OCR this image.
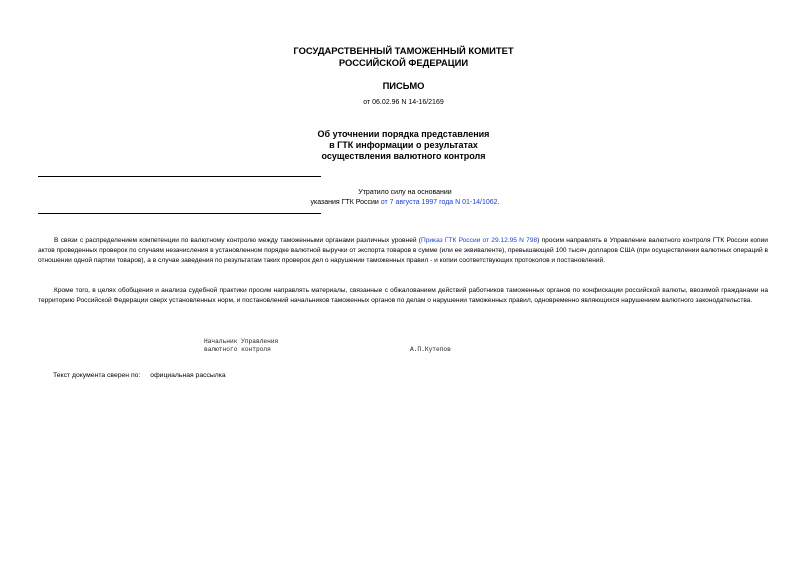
ГОСУДАРСТВЕННЫЙ ТАМОЖЕННЫЙ КОМИТЕТ
РОССИЙСКОЙ ФЕДЕРАЦИИ
ПИСЬМО
от 06.02.96 N 14-16/2169
Об уточнении порядка представления
в ГТК информации о результатах
осуществления валютного контроля
Утратило силу на основании
указания ГТК России от 7 августа 1997 года N 01-14/1062.
В связи с распределением компетенции по валютному контролю между таможенными органами различных уровней (Приказ ГТК России от 29.12.95 N 798) просим направлять в Управление валютного контроля ГТК России копии актов проведенных проверок по случаям незачисления в установленном порядке валютной выручки от экспорта товаров в сумме (или ее эквиваленте), превышающей 100 тысяч долларов США (при осуществлении валютных операций в отношении одной партии товаров), а в случае заведения по результатам таких проверок дел о нарушении таможенных правил - и копии соответствующих протоколов и постановлений.
Кроме того, в целях обобщения и анализа судебной практики просим направлять материалы, связанные с обжалованием действий работников таможенных органов по конфискации российской валюты, ввозимой гражданами на территорию Российской Федерации сверх установленных норм, и постановлений начальников таможенных органов по делам о нарушении таможенных правил, одновременно являющихся нарушением валютного законодательства.
Начальник Управления
валютного контроля	А.П.Кутепов
Текст документа сверен по: официальная рассылка
